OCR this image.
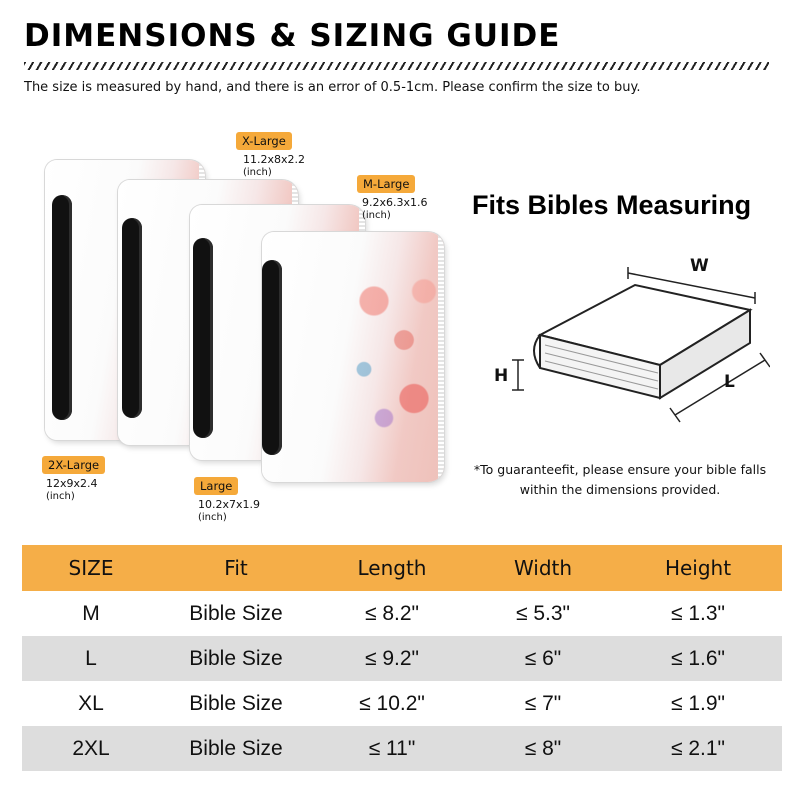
DIMENSIONS & SIZING GUIDE
The size is measured by hand, and there is an error of 0.5-1cm. Please confirm the size to buy.
X-Large
11.2x8x2.2
(inch)
M-Large
9.2x6.3x1.6
(inch)
2X-Large
12x9x2.4
(inch)
Large
10.2x7x1.9
(inch)
Fits Bibles Measuring
W
H	L
*To guaranteefit, please ensure your bible falls
within the dimensions provided.
SIZE	Fit	Length	Width	Height
M	Bible Size	≤ 8.2"	≤ 5.3"	≤ 1.3"
L	Bible Size	≤ 9.2"	≤ 6"	≤ 1.6"
XL	Bible Size	≤ 10.2"	≤ 7"	≤ 1.9"
2XL	Bible Size	≤ 11"	≤ 8"	≤ 2.1"
